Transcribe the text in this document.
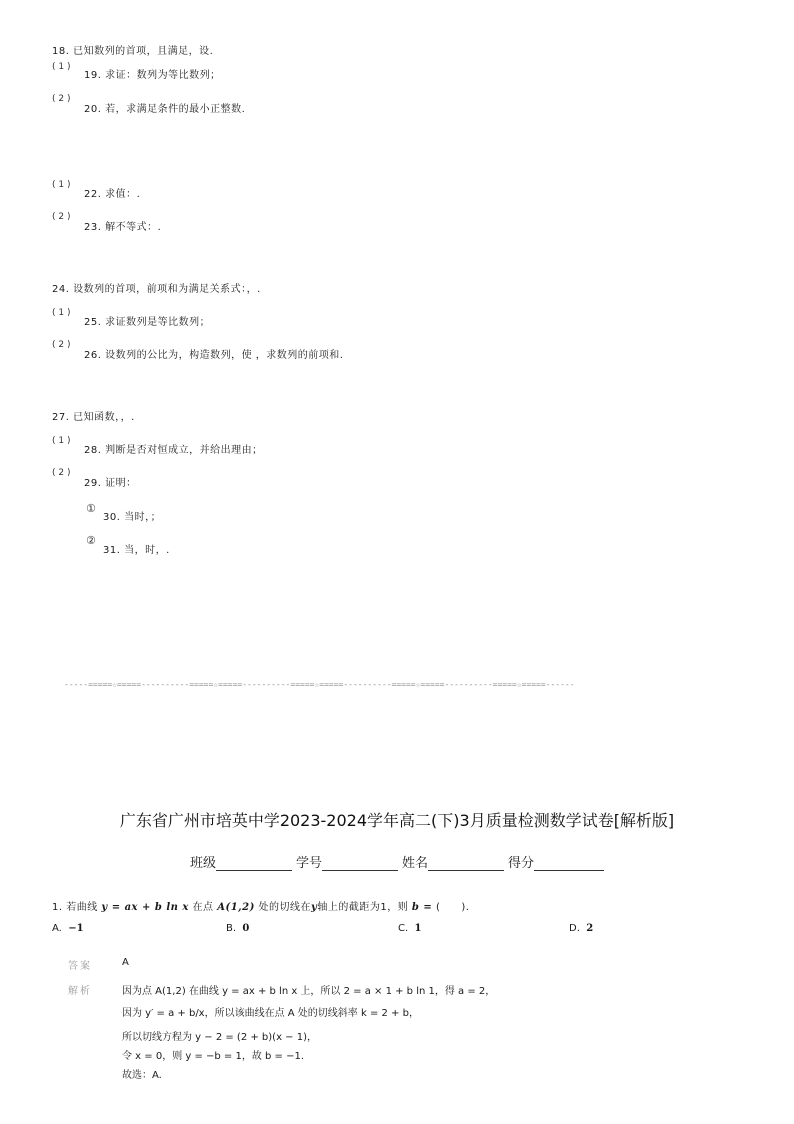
18. 已知数列的首项，且满足，设.
( 1 )
19. 求证：数列为等比数列；
( 2 )
20. 若，求满足条件的最小正整数.
( 1 )
22. 求值：.
( 2 )
23. 解不等式：.
24. 设数列的首项，前项和为满足关系式：，.
( 1 )
25. 求证数列是等比数列；
( 2 )
26. 设数列的公比为，构造数列，使 ，求数列的前项和.
27. 已知函数，，.
( 1 )
28. 判断是否对恒成立，并给出理由；
( 2 )
29. 证明：
①
30. 当时，；
②
31. 当，时，.
-----=====☆=====----------=====☆=====----------=====☆=====----------=====☆=====----------=====☆=====------
广东省广州市培英中学2023-2024学年高二(下)3月质量检测数学试卷[解析版]
班级	学号	姓名	得分
1. 若曲线 y = ax + b ln x 在点 A(1,2) 处的切线在y轴上的截距为1，则 b = (　　).
A. −1	B. 0	C. 1	D. 2
答案	A
解析	因为点 A(1,2) 在曲线 y = ax + b ln x 上，所以 2 = a × 1 + b ln 1，得 a = 2，
因为 y′ = a + b/x，所以该曲线在点 A 处的切线斜率 k = 2 + b，
所以切线方程为 y − 2 = (2 + b)(x − 1)，
令 x = 0，则 y = −b = 1，故 b = −1.
故选：A.
